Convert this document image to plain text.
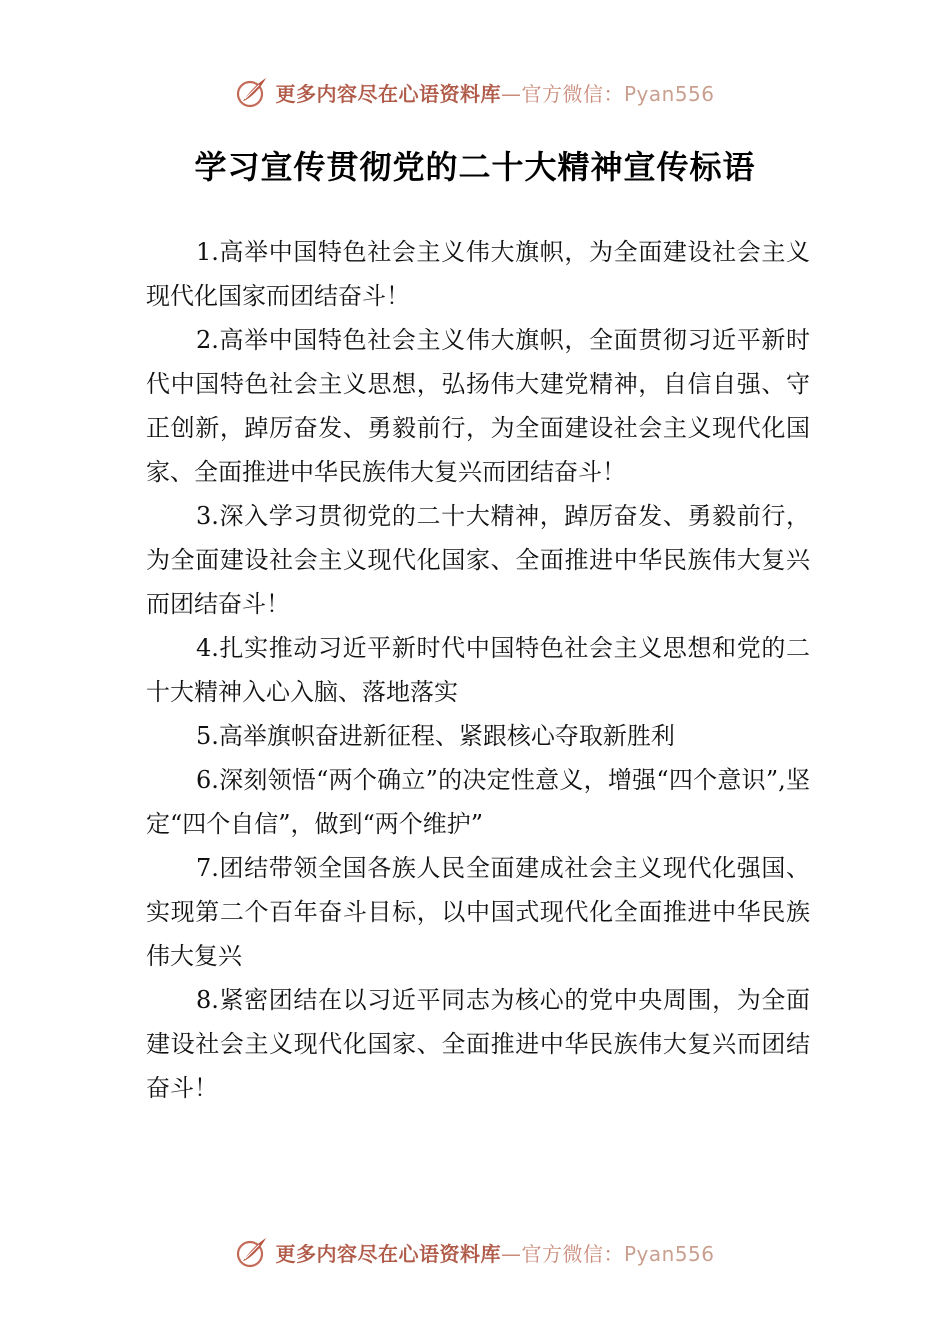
更多内容尽在心语资料库—官方微信：Pyan556
学习宣传贯彻党的二十大精神宣传标语

1.高举中国特色社会主义伟大旗帜，为全面建设社会主义现代化国家而团结奋斗！

2.高举中国特色社会主义伟大旗帜，全面贯彻习近平新时代中国特色社会主义思想，弘扬伟大建党精神，自信自强、守正创新，踔厉奋发、勇毅前行，为全面建设社会主义现代化国家、全面推进中华民族伟大复兴而团结奋斗！

3.深入学习贯彻党的二十大精神，踔厉奋发、勇毅前行，为全面建设社会主义现代化国家、全面推进中华民族伟大复兴而团结奋斗！

4.扎实推动习近平新时代中国特色社会主义思想和党的二十大精神入心入脑、落地落实

5.高举旗帜奋进新征程、紧跟核心夺取新胜利

6.深刻领悟“两个确立”的决定性意义，增强“四个意识”,坚定“四个自信”，做到“两个维护”

7.团结带领全国各族人民全面建成社会主义现代化强国、实现第二个百年奋斗目标，以中国式现代化全面推进中华民族伟大复兴

8.紧密团结在以习近平同志为核心的党中央周围，为全面建设社会主义现代化国家、全面推进中华民族伟大复兴而团结奋斗！

更多内容尽在心语资料库—官方微信：Pyan556
